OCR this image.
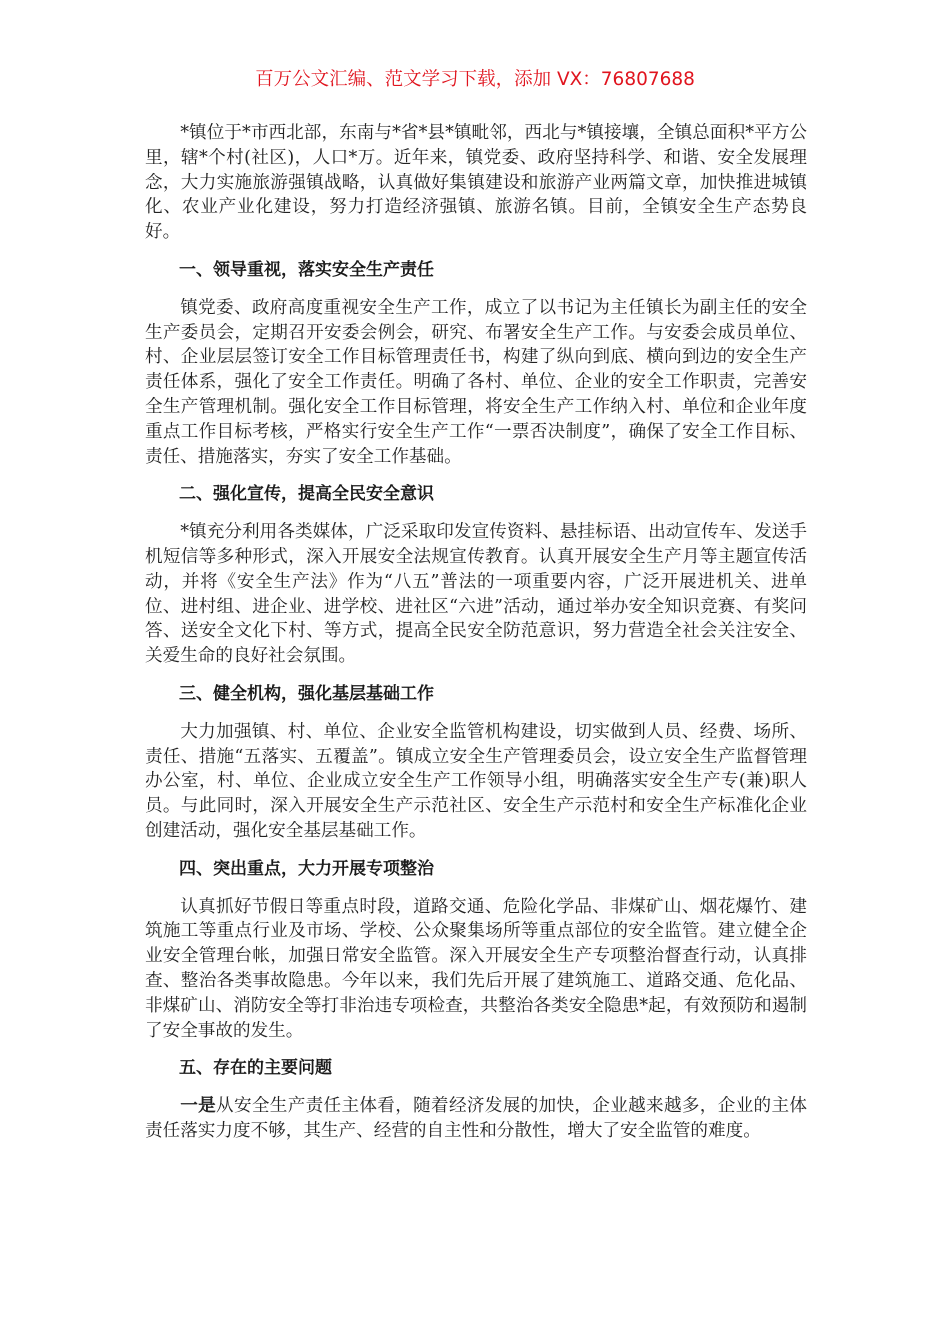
百万公文汇编、范文学习下载，添加 VX：76807688

*镇位于*市西北部，东南与*省*县*镇毗邻，西北与*镇接壤，全镇总面积*平方公里，辖*个村(社区)，人口*万。近年来，镇党委、政府坚持科学、和谐、安全发展理念，大力实施旅游强镇战略，认真做好集镇建设和旅游产业两篇文章，加快推进城镇化、农业产业化建设，努力打造经济强镇、旅游名镇。目前，全镇安全生产态势良好。

一、领导重视，落实安全生产责任

镇党委、政府高度重视安全生产工作，成立了以书记为主任镇长为副主任的安全生产委员会，定期召开安委会例会，研究、布署安全生产工作。与安委会成员单位、村、企业层层签订安全工作目标管理责任书，构建了纵向到底、横向到边的安全生产责任体系，强化了安全工作责任。明确了各村、单位、企业的安全工作职责，完善安全生产管理机制。强化安全工作目标管理，将安全生产工作纳入村、单位和企业年度重点工作目标考核，严格实行安全生产工作“一票否决制度”，确保了安全工作目标、责任、措施落实，夯实了安全工作基础。

二、强化宣传，提高全民安全意识

*镇充分利用各类媒体，广泛采取印发宣传资料、悬挂标语、出动宣传车、发送手机短信等多种形式，深入开展安全法规宣传教育。认真开展安全生产月等主题宣传活动，并将《安全生产法》作为“八五”普法的一项重要内容，广泛开展进机关、进单位、进村组、进企业、进学校、进社区“六进”活动，通过举办安全知识竞赛、有奖问答、送安全文化下村、等方式，提高全民安全防范意识，努力营造全社会关注安全、关爱生命的良好社会氛围。

三、健全机构，强化基层基础工作

大力加强镇、村、单位、企业安全监管机构建设，切实做到人员、经费、场所、责任、措施“五落实、五覆盖”。镇成立安全生产管理委员会，设立安全生产监督管理办公室，村、单位、企业成立安全生产工作领导小组，明确落实安全生产专(兼)职人员。与此同时，深入开展安全生产示范社区、安全生产示范村和安全生产标准化企业创建活动，强化安全基层基础工作。

四、突出重点，大力开展专项整治

认真抓好节假日等重点时段，道路交通、危险化学品、非煤矿山、烟花爆竹、建筑施工等重点行业及市场、学校、公众聚集场所等重点部位的安全监管。建立健全企业安全管理台帐，加强日常安全监管。深入开展安全生产专项整治督查行动，认真排查、整治各类事故隐患。今年以来，我们先后开展了建筑施工、道路交通、危化品、非煤矿山、消防安全等打非治违专项检查，共整治各类安全隐患*起，有效预防和遏制了安全事故的发生。

五、存在的主要问题

一是从安全生产责任主体看，随着经济发展的加快，企业越来越多，企业的主体责任落实力度不够，其生产、经营的自主性和分散性，增大了安全监管的难度。
